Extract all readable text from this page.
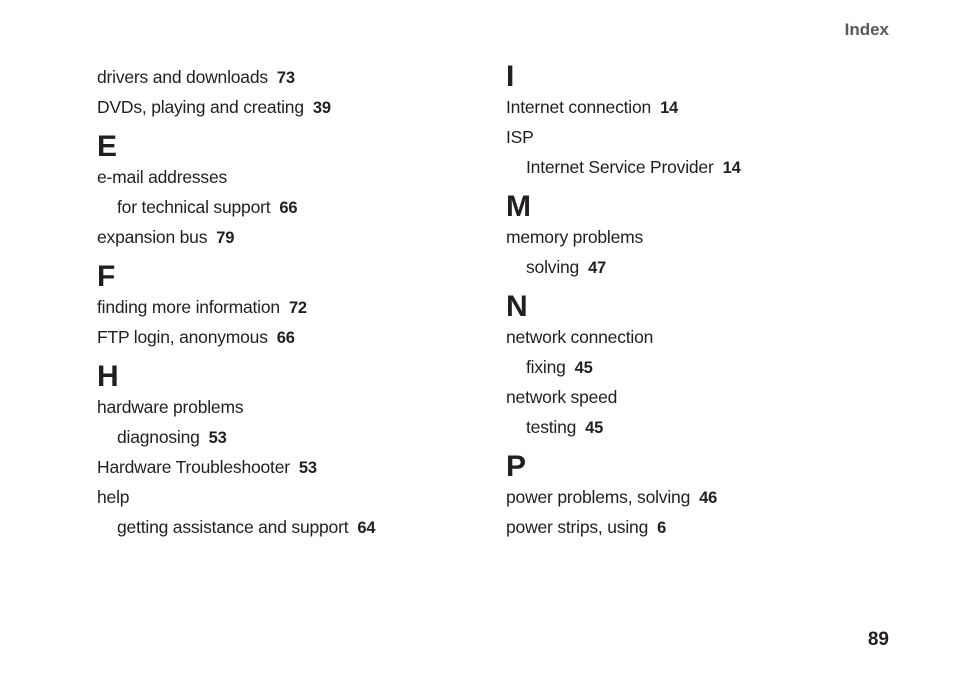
Index
drivers and downloads 73
DVDs, playing and creating 39
E
e-mail addresses
for technical support 66
expansion bus 79
F
finding more information 72
FTP login, anonymous 66
H
hardware problems
diagnosing 53
Hardware Troubleshooter 53
help
getting assistance and support 64
I
Internet connection 14
ISP
Internet Service Provider 14
M
memory problems
solving 47
N
network connection
fixing 45
network speed
testing 45
P
power problems, solving 46
power strips, using 6
89
